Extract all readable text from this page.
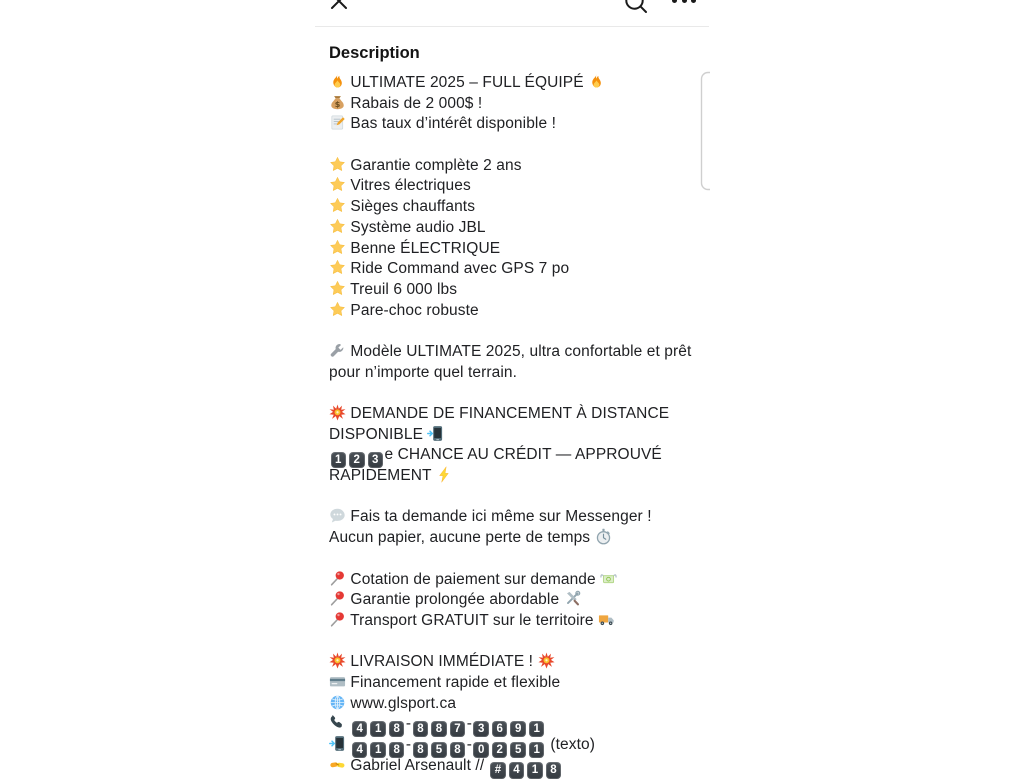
Description
ULTIMATE 2025 – FULL ÉQUIPÉ
$ Rabais de 2 000$ !
Bas taux d’intérêt disponible !
Garantie complète 2 ans
Vitres électriques
Sièges chauffants
Système audio JBL
Benne ÉLECTRIQUE
Ride Command avec GPS 7 po
Treuil 6 000 lbs
Pare-choc robuste
Modèle ULTIMATE 2025, ultra confortable et prêt
pour n’importe quel terrain.
DEMANDE DE FINANCEMENT À DISTANCE
DISPONIBLE
1 2 3 e CHANCE AU CRÉDIT — APPROUVÉ
RAPIDEMENT
Fais ta demande ici même sur Messenger !
Aucun papier, aucune perte de temps
Cotation de paiement sur demande
Garantie prolongée abordable
Transport GRATUIT sur le territoire
LIVRAISON IMMÉDIATE !
Financement rapide et flexible
www.glsport.ca
4 1 8 - 8 8 7 - 3 6 9 1
4 1 8 - 8 5 8 - 0 2 5 1 (texto)
Gabriel Arsenault // # 4 1 8
